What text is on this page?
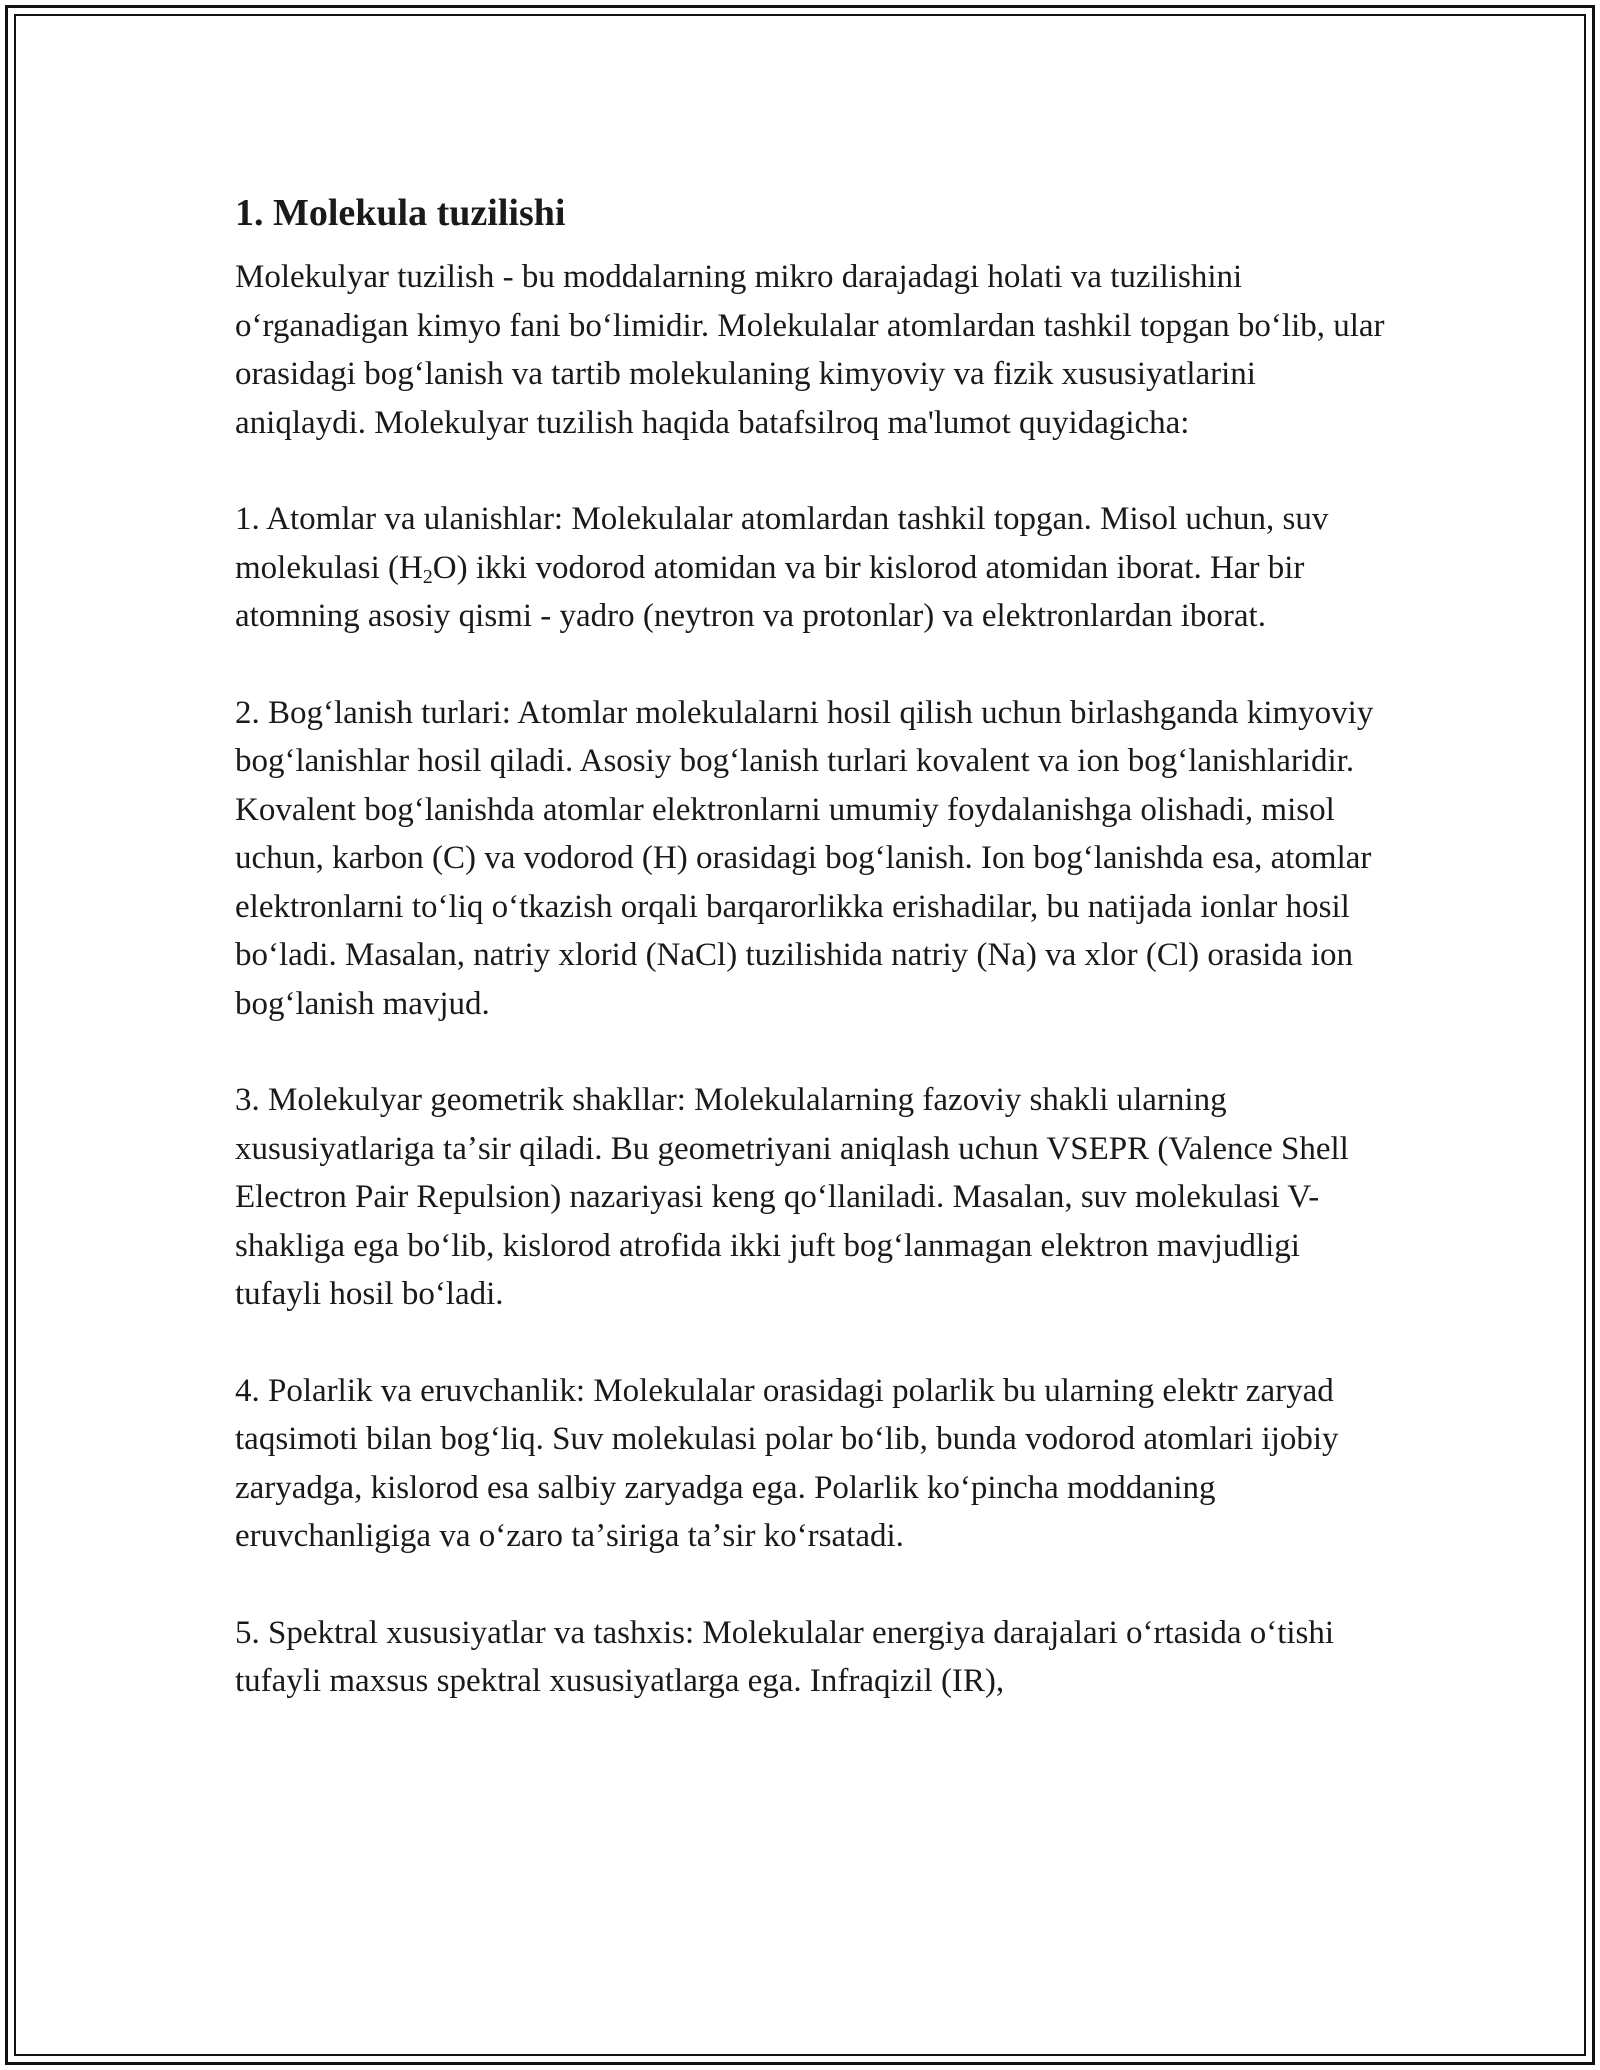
1. Molekula tuzilishi

Molekulyar tuzilish - bu moddalarning mikro darajadagi holati va tuzilishini oʻrganadigan kimyo fani boʻlimidir. Molekulalar atomlardan tashkil topgan boʻlib, ular orasidagi bogʻlanish va tartib molekulaning kimyoviy va fizik xususiyatlarini aniqlaydi. Molekulyar tuzilish haqida batafsilroq ma'lumot quyidagicha:

1. Atomlar va ulanishlar: Molekulalar atomlardan tashkil topgan. Misol uchun, suv molekulasi $(H_2O)$ ikki vodorod atomidan va bir kislorod atomidan iborat. Har bir atomning asosiy qismi - yadro (neytron va protonlar) va elektronlardan iborat.

2. Bogʻlanish turlari: Atomlar molekulalarni hosil qilish uchun birlashganda kimyoviy bogʻlanishlar hosil qiladi. Asosiy bogʻlanish turlari kovalent va ion bogʻlanishlaridir. Kovalent bogʻlanishda atomlar elektronlarni umumiy foydalanishga olishadi, misol uchun, karbon (C) va vodorod (H) orasidagi bogʻlanish. Ion bogʻlanishda esa, atomlar elektronlarni toʻliq oʻtkazish orqali barqarorlikka erishadilar, bu natijada ionlar hosil boʻladi. Masalan, natriy xlorid (NaCl) tuzilishida natriy (Na) va xlor (Cl) orasida ion bogʻlanish mavjud.

3. Molekulyar geometrik shakllar: Molekulalarning fazoviy shakli ularning xususiyatlariga taʼsir qiladi. Bu geometriyani aniqlash uchun VSEPR (Valence Shell Electron Pair Repulsion) nazariyasi keng qoʻllaniladi. Masalan, suv molekulasi V-shakliga ega boʻlib, kislorod atrofida ikki juft bogʻlanmagan elektron mavjudligi tufayli hosil boʻladi.

4. Polarlik va eruvchanlik: Molekulalar orasidagi polarlik bu ularning elektr zaryad taqsimoti bilan bogʻliq. Suv molekulasi polar boʻlib, bunda vodorod atomlari ijobiy zaryadga, kislorod esa salbiy zaryadga ega. Polarlik koʻpincha moddaning eruvchanligiga va oʻzaro taʼsiriga taʼsir koʻrsatadi.

5. Spektral xususiyatlar va tashxis: Molekulalar energiya darajalari oʻrtasida oʻtishi tufayli maxsus spektral xususiyatlarga ega. Infraqizil (IR),
